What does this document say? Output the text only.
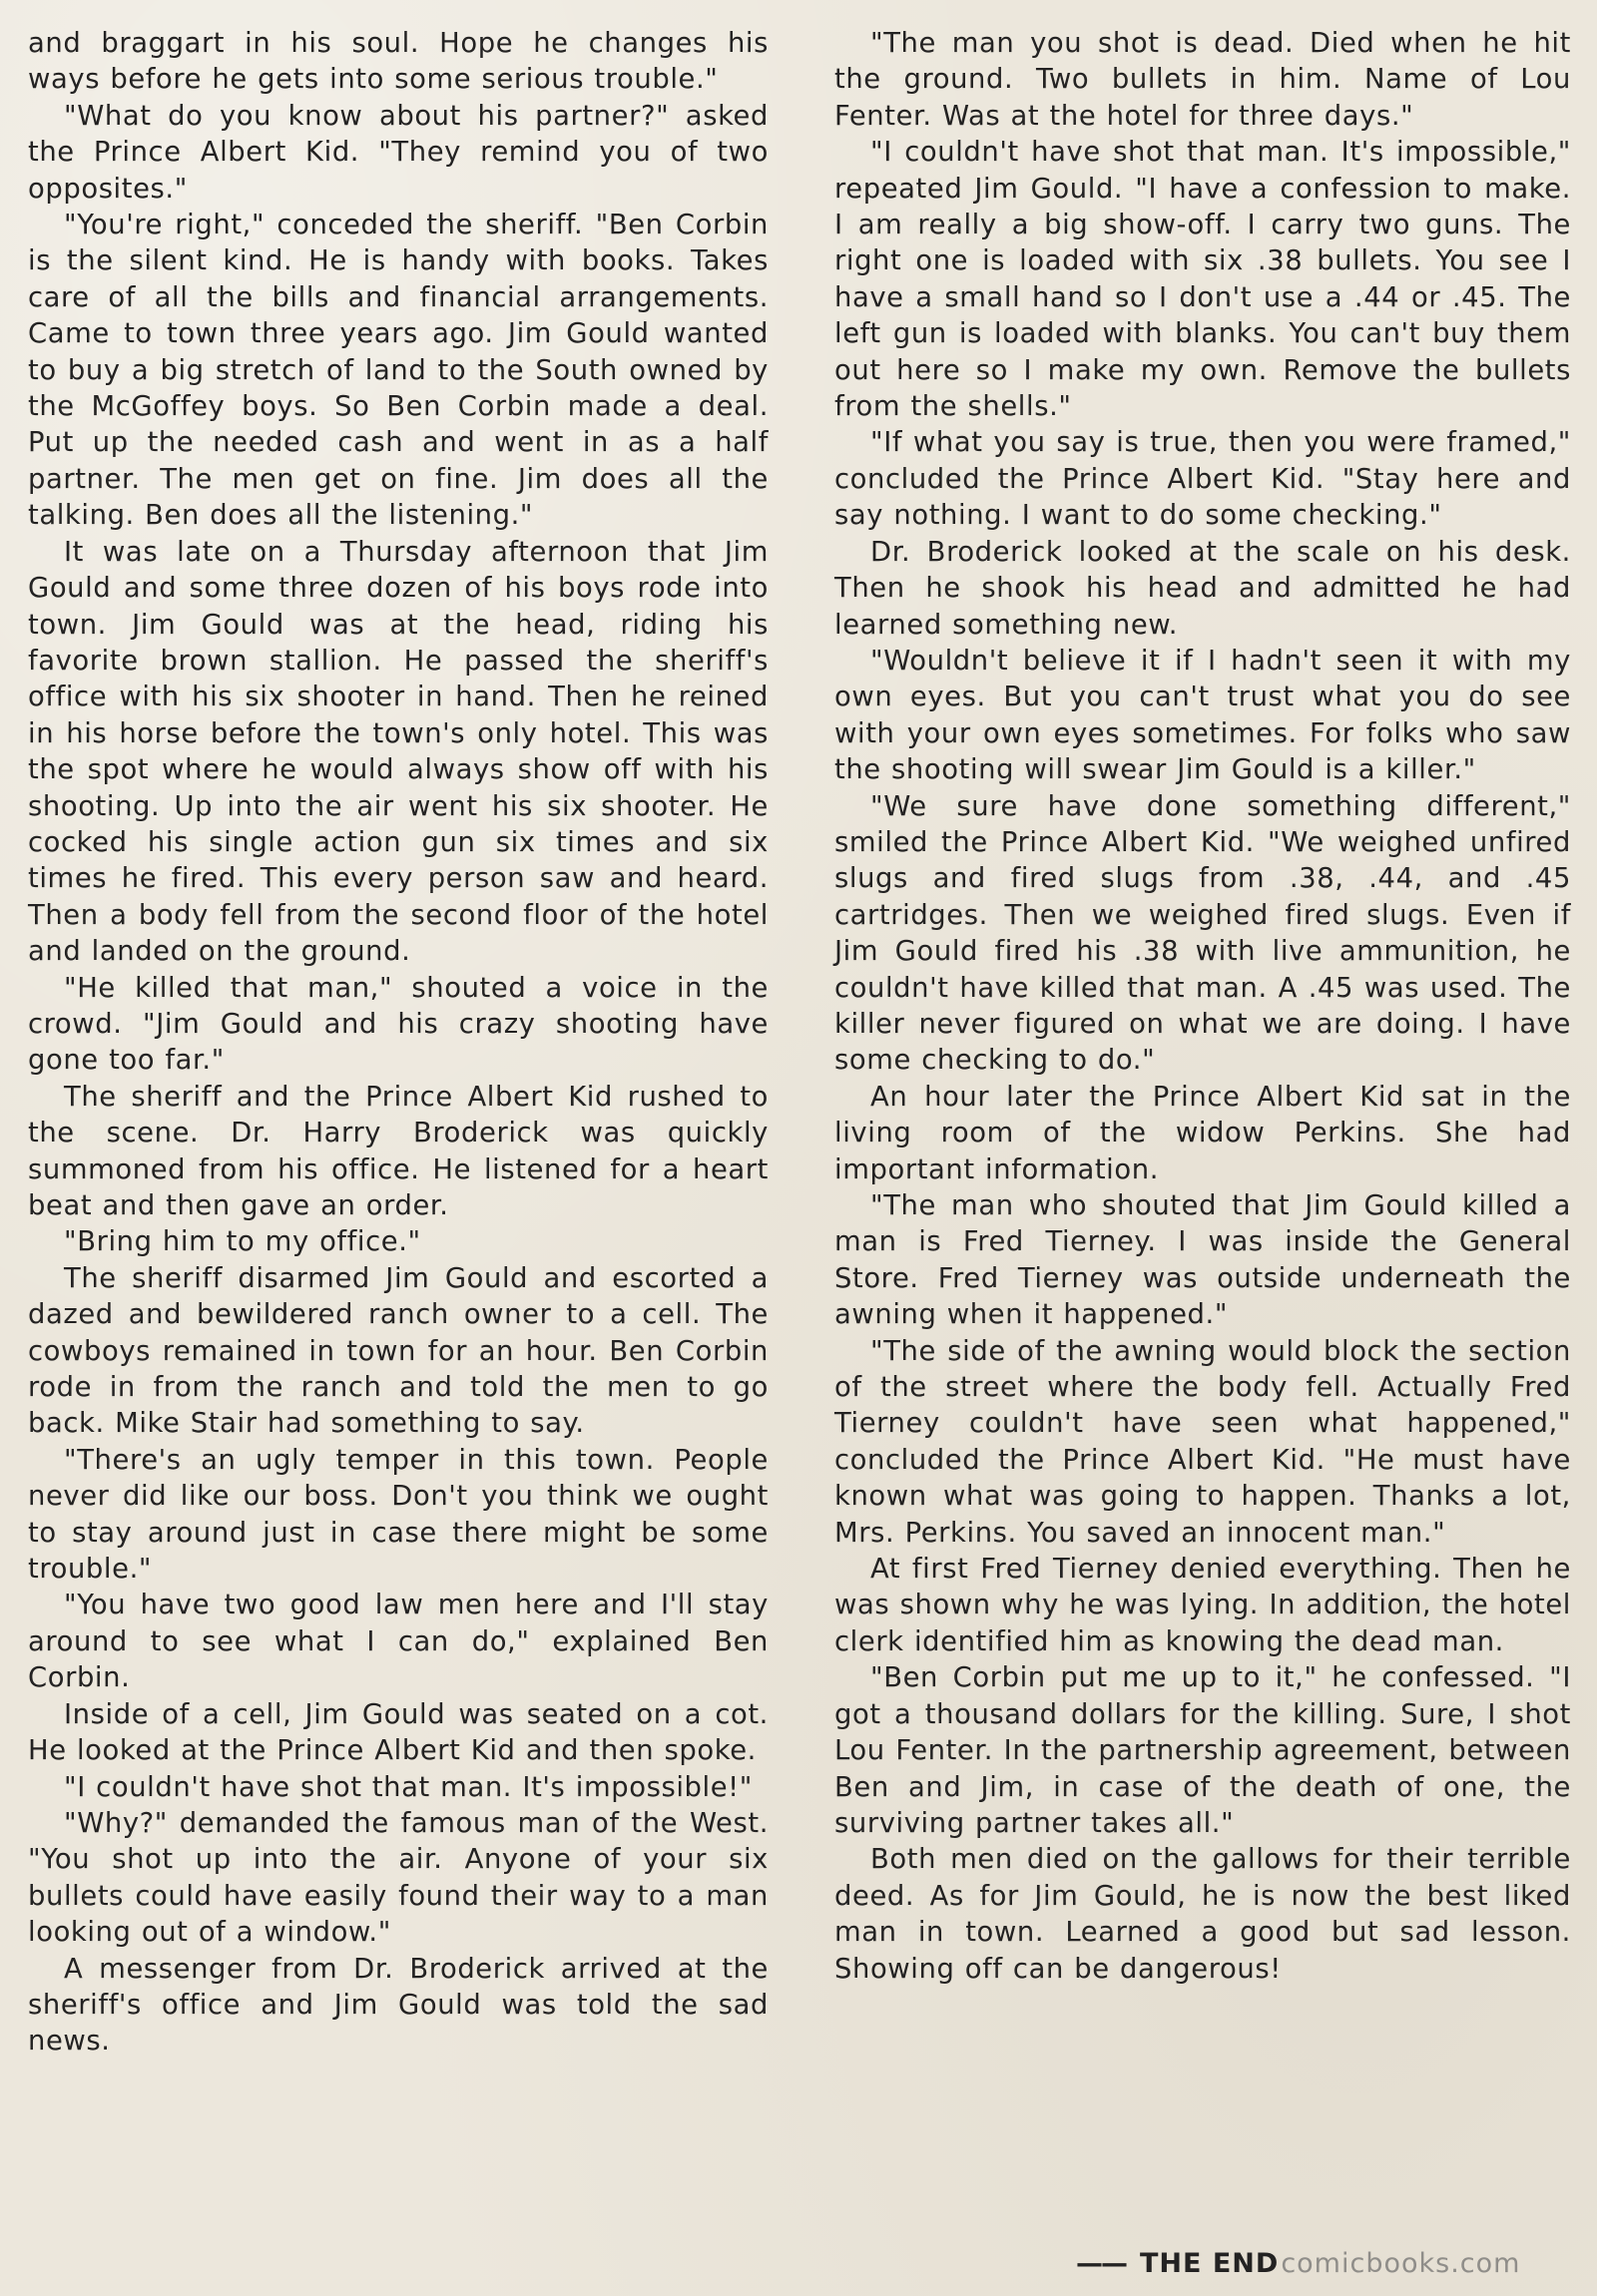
and braggart in his soul. Hope he changes his ways before he gets into some serious trouble."

"What do you know about his partner?" asked the Prince Albert Kid. "They remind you of two opposites."

"You're right," conceded the sheriff. "Ben Corbin is the silent kind. He is handy with books. Takes care of all the bills and financial arrangements. Came to town three years ago. Jim Gould wanted to buy a big stretch of land to the South owned by the McGoffey boys. So Ben Corbin made a deal. Put up the needed cash and went in as a half partner. The men get on fine. Jim does all the talking. Ben does all the listening."

It was late on a Thursday afternoon that Jim Gould and some three dozen of his boys rode into town. Jim Gould was at the head, riding his favorite brown stallion. He passed the sheriff's office with his six shooter in hand. Then he reined in his horse before the town's only hotel. This was the spot where he would always show off with his shooting. Up into the air went his six shooter. He cocked his single action gun six times and six times he fired. This every person saw and heard. Then a body fell from the second floor of the hotel and landed on the ground.

"He killed that man," shouted a voice in the crowd. "Jim Gould and his crazy shooting have gone too far."

The sheriff and the Prince Albert Kid rushed to the scene. Dr. Harry Broderick was quickly summoned from his office. He listened for a heart beat and then gave an order.

"Bring him to my office."

The sheriff disarmed Jim Gould and escorted a dazed and bewildered ranch owner to a cell. The cowboys remained in town for an hour. Ben Corbin rode in from the ranch and told the men to go back. Mike Stair had something to say.

"There's an ugly temper in this town. People never did like our boss. Don't you think we ought to stay around just in case there might be some trouble."

"You have two good law men here and I'll stay around to see what I can do," explained Ben Corbin.

Inside of a cell, Jim Gould was seated on a cot. He looked at the Prince Albert Kid and then spoke.

"I couldn't have shot that man. It's impossible!"

"Why?" demanded the famous man of the West. "You shot up into the air. Anyone of your six bullets could have easily found their way to a man looking out of a window."

A messenger from Dr. Broderick arrived at the sheriff's office and Jim Gould was told the sad news.

"The man you shot is dead. Died when he hit the ground. Two bullets in him. Name of Lou Fenter. Was at the hotel for three days."

"I couldn't have shot that man. It's impossible," repeated Jim Gould. "I have a confession to make. I am really a big show-off. I carry two guns. The right one is loaded with six .38 bullets. You see I have a small hand so I don't use a .44 or .45. The left gun is loaded with blanks. You can't buy them out here so I make my own. Remove the bullets from the shells."

"If what you say is true, then you were framed," concluded the Prince Albert Kid. "Stay here and say nothing. I want to do some checking."

Dr. Broderick looked at the scale on his desk. Then he shook his head and admitted he had learned something new.

"Wouldn't believe it if I hadn't seen it with my own eyes. But you can't trust what you do see with your own eyes sometimes. For folks who saw the shooting will swear Jim Gould is a killer."

"We sure have done something different," smiled the Prince Albert Kid. "We weighed unfired slugs and fired slugs from .38, .44, and .45 cartridges. Then we weighed fired slugs. Even if Jim Gould fired his .38 with live ammunition, he couldn't have killed that man. A .45 was used. The killer never figured on what we are doing. I have some checking to do."

An hour later the Prince Albert Kid sat in the living room of the widow Perkins. She had important information.

"The man who shouted that Jim Gould killed a man is Fred Tierney. I was inside the General Store. Fred Tierney was outside underneath the awning when it happened."

"The side of the awning would block the section of the street where the body fell. Actually Fred Tierney couldn't have seen what happened," concluded the Prince Albert Kid. "He must have known what was going to happen. Thanks a lot, Mrs. Perkins. You saved an innocent man."

At first Fred Tierney denied everything. Then he was shown why he was lying. In addition, the hotel clerk identified him as knowing the dead man.

"Ben Corbin put me up to it," he confessed. "I got a thousand dollars for the killing. Sure, I shot Lou Fenter. In the partnership agreement, between Ben and Jim, in case of the death of one, the surviving partner takes all."

Both men died on the gallows for their terrible deed. As for Jim Gould, he is now the best liked man in town. Learned a good but sad lesson. Showing off can be dangerous!

—— THE ENDcomicbooks.com
